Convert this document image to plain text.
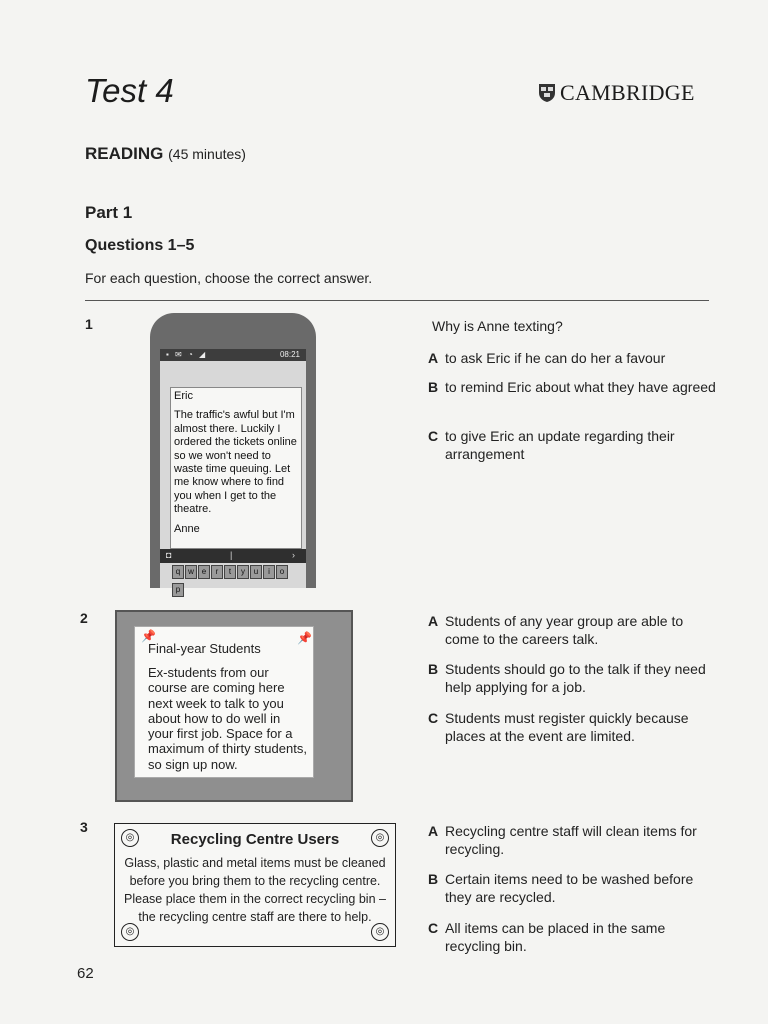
Test 4	CAMBRIDGE
READING (45 minutes)
Part 1
Questions 1–5
For each question, choose the correct answer.
1
▪ ✉ ◔ ◢	08:21

Eric

The traffic's awful but I'm almost there. Luckily I ordered the tickets online so we won't need to waste time queuing. Let me know where to find you when I get to the theatre.

Anne

◘	|	›
q w e r t y u i op
Why is Anne texting?
A to ask Eric if he can do her a favour
B to remind Eric about what they have agreed
C to give Eric an update regarding their arrangement
2
📌	📌
Final-year Students
Ex-students from our course are coming here next week to talk to you about how to do well in your first job. Space for a maximum of thirty students, so sign up now.
A Students of any year group are able to come to the careers talk.
B Students should go to the talk if they need help applying for a job.
C Students must register quickly because places at the event are limited.
3
◎	◎
◎	◎
Recycling Centre Users
Glass, plastic and metal items must be cleaned before you bring them to the recycling centre. Please place them in the correct recycling bin – the recycling centre staff are there to help.
A Recycling centre staff will clean items for recycling.
B Certain items need to be washed before they are recycled.
C All items can be placed in the same recycling bin.
62
